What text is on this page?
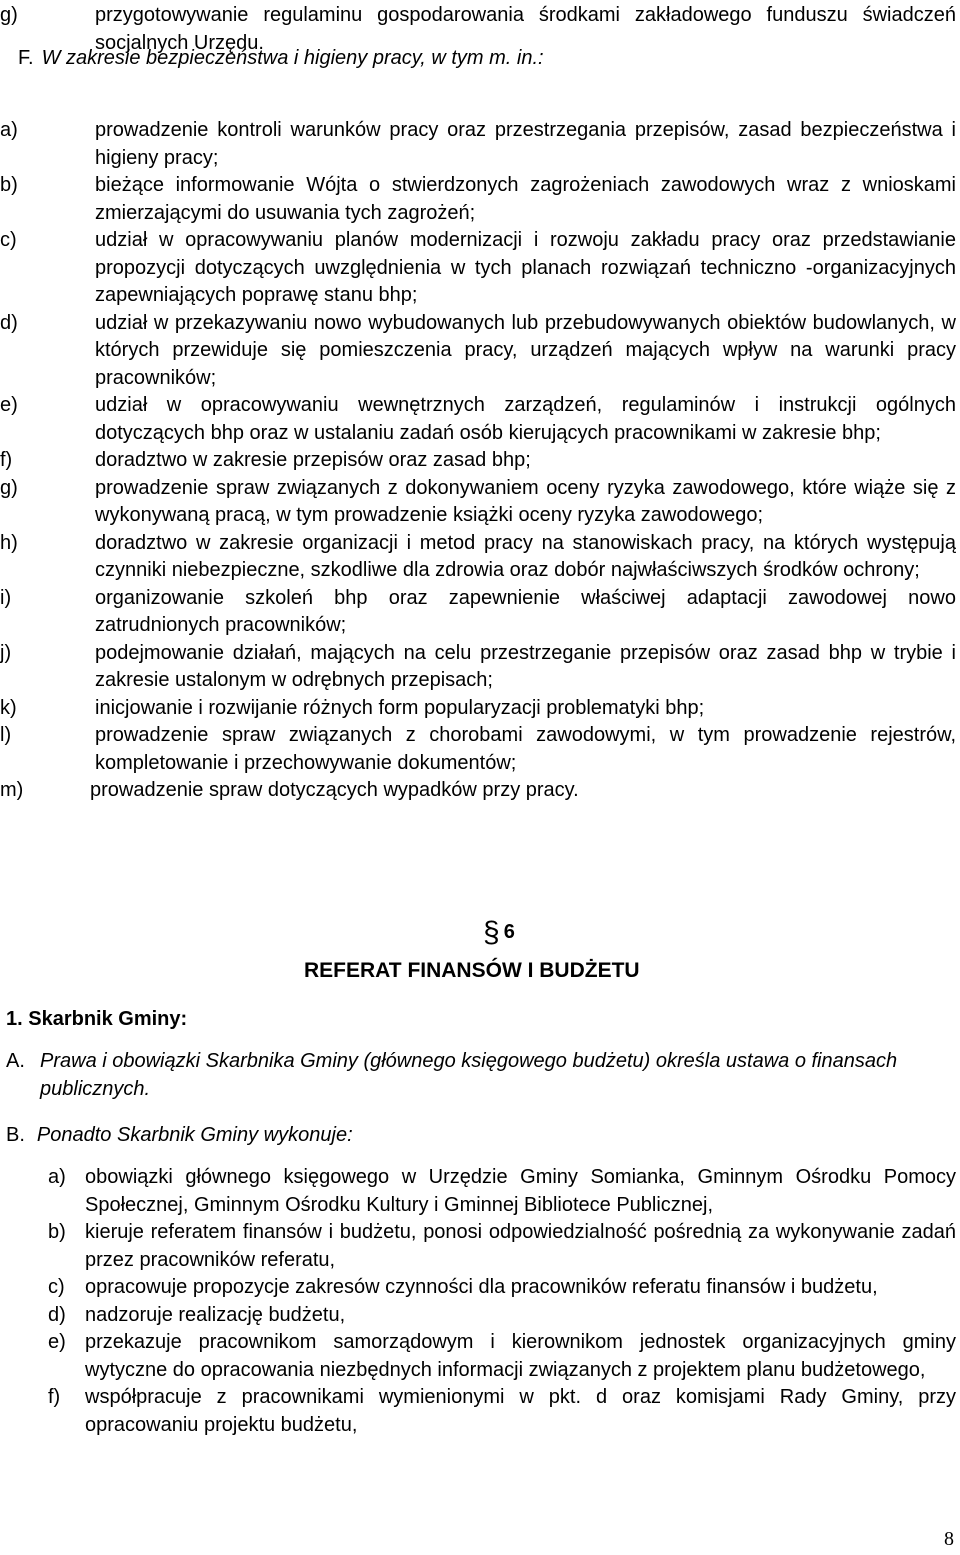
g)	przygotowywanie regulaminu gospodarowania środkami zakładowego funduszu świadczeń socjalnych Urzędu.
F. W zakresie bezpieczeństwa i higieny pracy, w tym m. in.:
a)	prowadzenie kontroli warunków pracy oraz przestrzegania przepisów, zasad bezpieczeństwa i higieny pracy;
b)	bieżące informowanie Wójta o stwierdzonych zagrożeniach zawodowych wraz z wnioskami zmierzającymi do usuwania tych zagrożeń;
c)	udział w opracowywaniu planów modernizacji i rozwoju zakładu pracy oraz przedstawianie propozycji dotyczących uwzględnienia w tych planach rozwiązań techniczno -organizacyjnych zapewniających poprawę stanu bhp;
d)	udział w przekazywaniu nowo wybudowanych lub przebudowywanych obiektów budowlanych, w których przewiduje się pomieszczenia pracy, urządzeń mających wpływ na warunki pracy pracowników;
e)	udział w opracowywaniu wewnętrznych zarządzeń, regulaminów i instrukcji ogólnych dotyczących bhp oraz w ustalaniu zadań osób kierujących pracownikami w zakresie bhp;
f)	doradztwo w zakresie przepisów oraz zasad bhp;
g)	prowadzenie spraw związanych z dokonywaniem oceny ryzyka zawodowego, które wiąże się z wykonywaną pracą, w tym prowadzenie książki oceny ryzyka zawodowego;
h)	doradztwo w zakresie organizacji i metod pracy na stanowiskach pracy, na których występują czynniki niebezpieczne, szkodliwe dla zdrowia oraz dobór najwłaściwszych środków ochrony;
i)	organizowanie szkoleń bhp oraz zapewnienie właściwej adaptacji zawodowej nowo zatrudnionych pracowników;
j)	podejmowanie działań, mających na celu przestrzeganie przepisów oraz zasad bhp w trybie i zakresie ustalonym w odrębnych przepisach;
k)	inicjowanie i rozwijanie różnych form popularyzacji problematyki bhp;
l)	prowadzenie spraw związanych z chorobami zawodowymi, w tym prowadzenie rejestrów, kompletowanie i przechowywanie dokumentów;
m)	prowadzenie spraw dotyczących wypadków przy pracy.
§ 6
REFERAT FINANSÓW I BUDŻETU
1. Skarbnik Gminy:
A. Prawa i obowiązki Skarbnika Gminy (głównego księgowego budżetu) określa ustawa o finansach publicznych.
B. Ponadto Skarbnik Gminy wykonuje:
a) obowiązki głównego księgowego w Urzędzie Gminy Somianka, Gminnym Ośrodku Pomocy Społecznej, Gminnym Ośrodku Kultury i Gminnej Bibliotece Publicznej,
b) kieruje referatem finansów i budżetu, ponosi odpowiedzialność pośrednią za wykonywanie zadań przez pracowników referatu,
c) opracowuje propozycje zakresów czynności dla pracowników referatu finansów i budżetu,
d) nadzoruje realizację budżetu,
e) przekazuje pracownikom samorządowym i kierownikom jednostek organizacyjnych gminy wytyczne do opracowania niezbędnych informacji związanych z projektem planu budżetowego,
f) współpracuje z pracownikami wymienionymi w pkt. d oraz komisjami Rady Gminy, przy opracowaniu projektu budżetu,
8
